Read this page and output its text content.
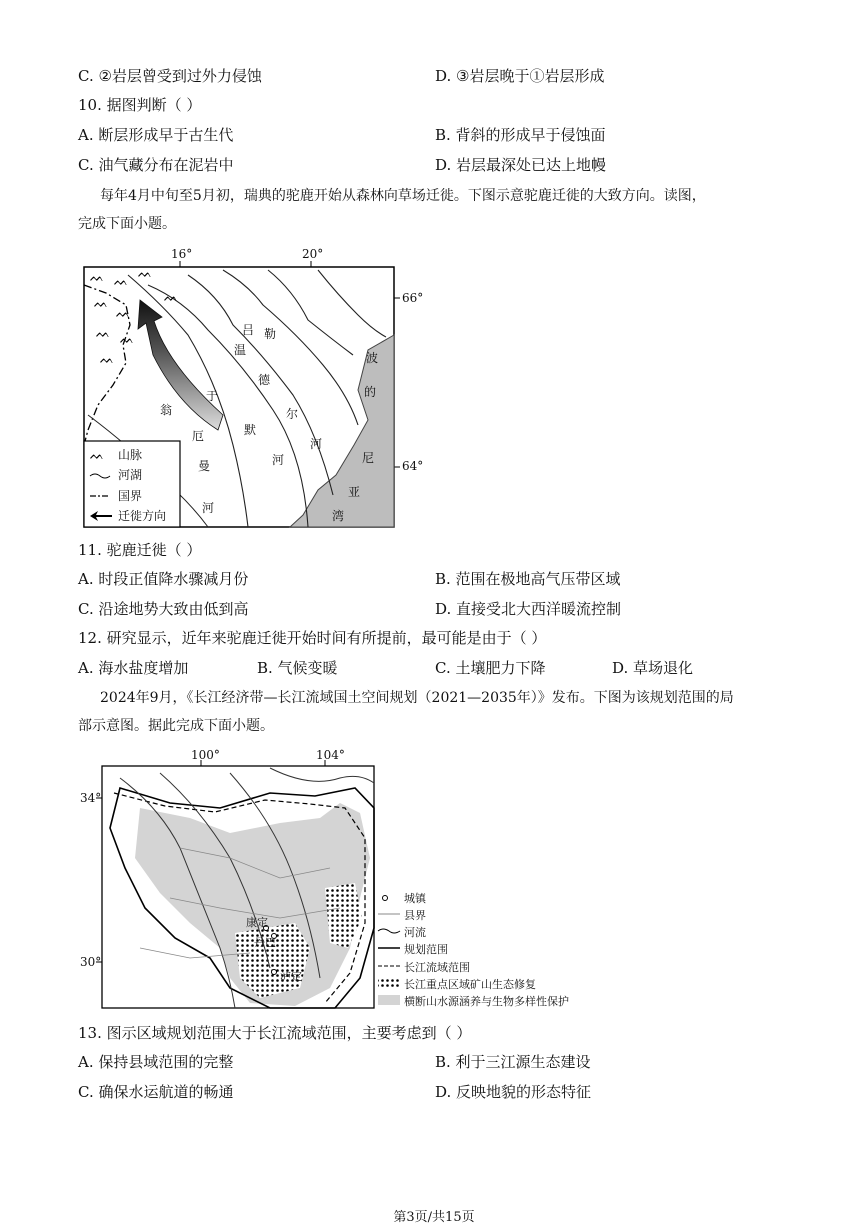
C. ②岩层曾受到过外力侵蚀	D. ③岩层晚于①岩层形成
10. 据图判断（ ）
A. 断层形成早于古生代	B. 背斜的形成早于侵蚀面
C. 油气藏分布在泥岩中	D. 岩层最深处已达上地幔
每年4月中旬至5月初，瑞典的驼鹿开始从森林向草场迁徙。下图示意驼鹿迁徙的大致方向。读图，
完成下面小题。
ᨓ ᨓ
ᨓ
ᨓ
ᨓ
ᨓ
ᨓ
ᨓ
ᨓ
ᨓ
16°	20°
66°
64°
温
德
尔
河
于
默
河
翁
厄
曼
河
吕 勒
波
的
尼
亚
湾
山脉
河湖
国界
迁徙方向
11. 驼鹿迁徙（ ）
A. 时段正值降水骤减月份	B. 范围在极地高气压带区域
C. 沿途地势大致由低到高	D. 直接受北大西洋暖流控制
12. 研究显示，近年来驼鹿迁徙开始时间有所提前，最可能是由于（ ）
A. 海水盐度增加	B. 气候变暖	C. 土壤肥力下降	D. 草场退化
2024年9月，《长江经济带—长江流域国土空间规划（2021—2035年）》发布。下图为该规划范围的局
部示意图。据此完成下面小题。
100°	104°
34°
30°
康定
丹巴
泸定
城镇
县界
河流
规划范围
长江流域范围
长江重点区域矿山生态修复
横断山水源涵养与生物多样性保护
13. 图示区域规划范围大于长江流域范围，主要考虑到（ ）
A. 保持县域范围的完整	B. 利于三江源生态建设
C. 确保水运航道的畅通	D. 反映地貌的形态特征
第3页/共15页
